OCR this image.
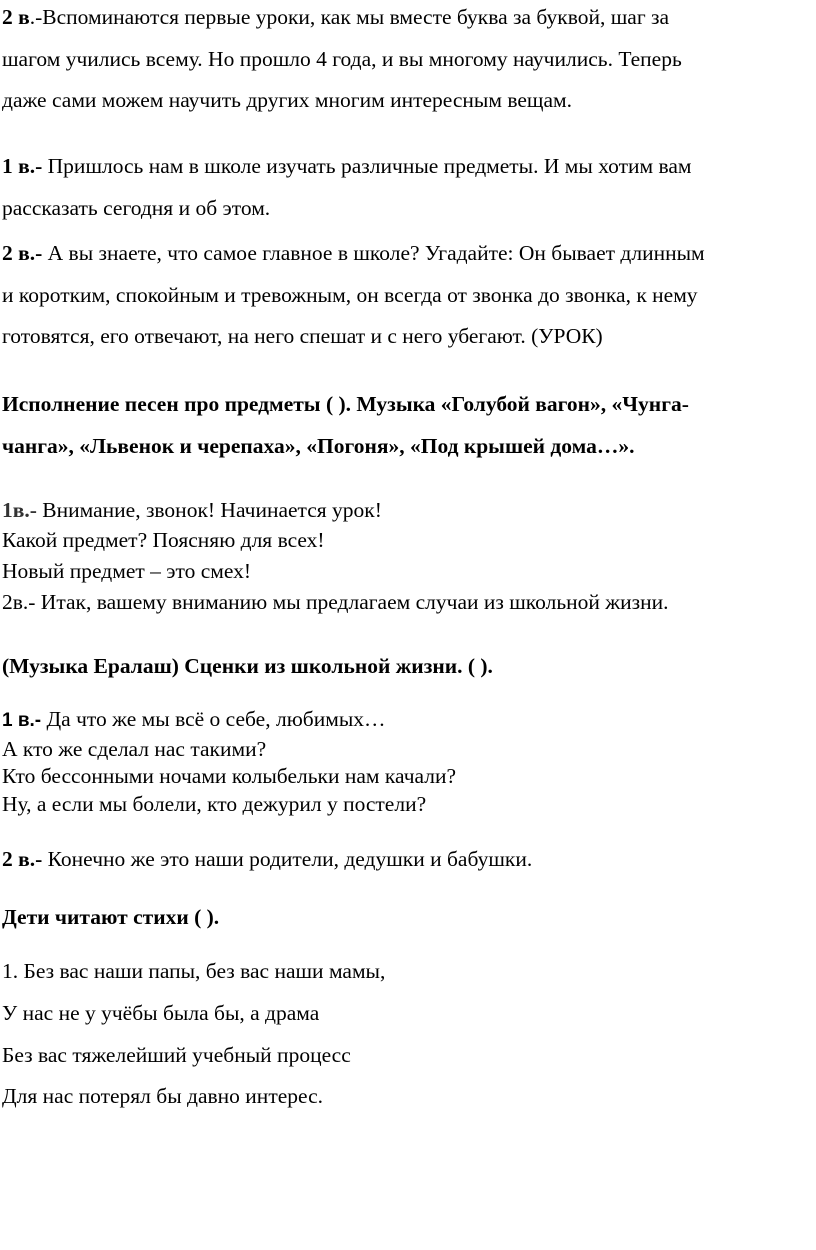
2 в.-Вспоминаются первые уроки, как мы вместе буква за буквой, шаг за
шагом учились всему. Но прошло 4 года, и вы многому научились. Теперь
даже сами можем научить других многим интересным вещам.
1 в.- Пришлось нам в школе изучать различные предметы. И мы хотим вам
рассказать сегодня и об этом.
2 в.- А вы знаете, что самое главное в школе? Угадайте: Он бывает длинным
и коротким, спокойным и тревожным, он всегда от звонка до звонка, к нему
готовятся, его отвечают, на него спешат и с него убегают. (УРОК)
Исполнение песен про предметы ( ). Музыка «Голубой вагон», «Чунга-
чанга», «Львенок и черепаха», «Погоня», «Под крышей дома…».
1в.- Внимание, звонок! Начинается урок!
Какой предмет? Поясняю для всех!
Новый предмет – это смех!
2в.- Итак, вашему вниманию мы предлагаем случаи из школьной жизни.
(Музыка Ералаш) Сценки из школьной жизни. ( ).
1 в.- Да что же мы всё о себе, любимых…
А кто же сделал нас такими?
Кто бессонными ночами колыбельки нам качали?
Ну, а если мы болели, кто дежурил у постели?
2 в.- Конечно же это наши родители, дедушки и бабушки.
Дети читают стихи ( ).
1. Без вас наши папы, без вас наши мамы,
У нас не у учёбы была бы, а драма
Без вас тяжелейший учебный процесс
Для нас потерял бы давно интерес.
